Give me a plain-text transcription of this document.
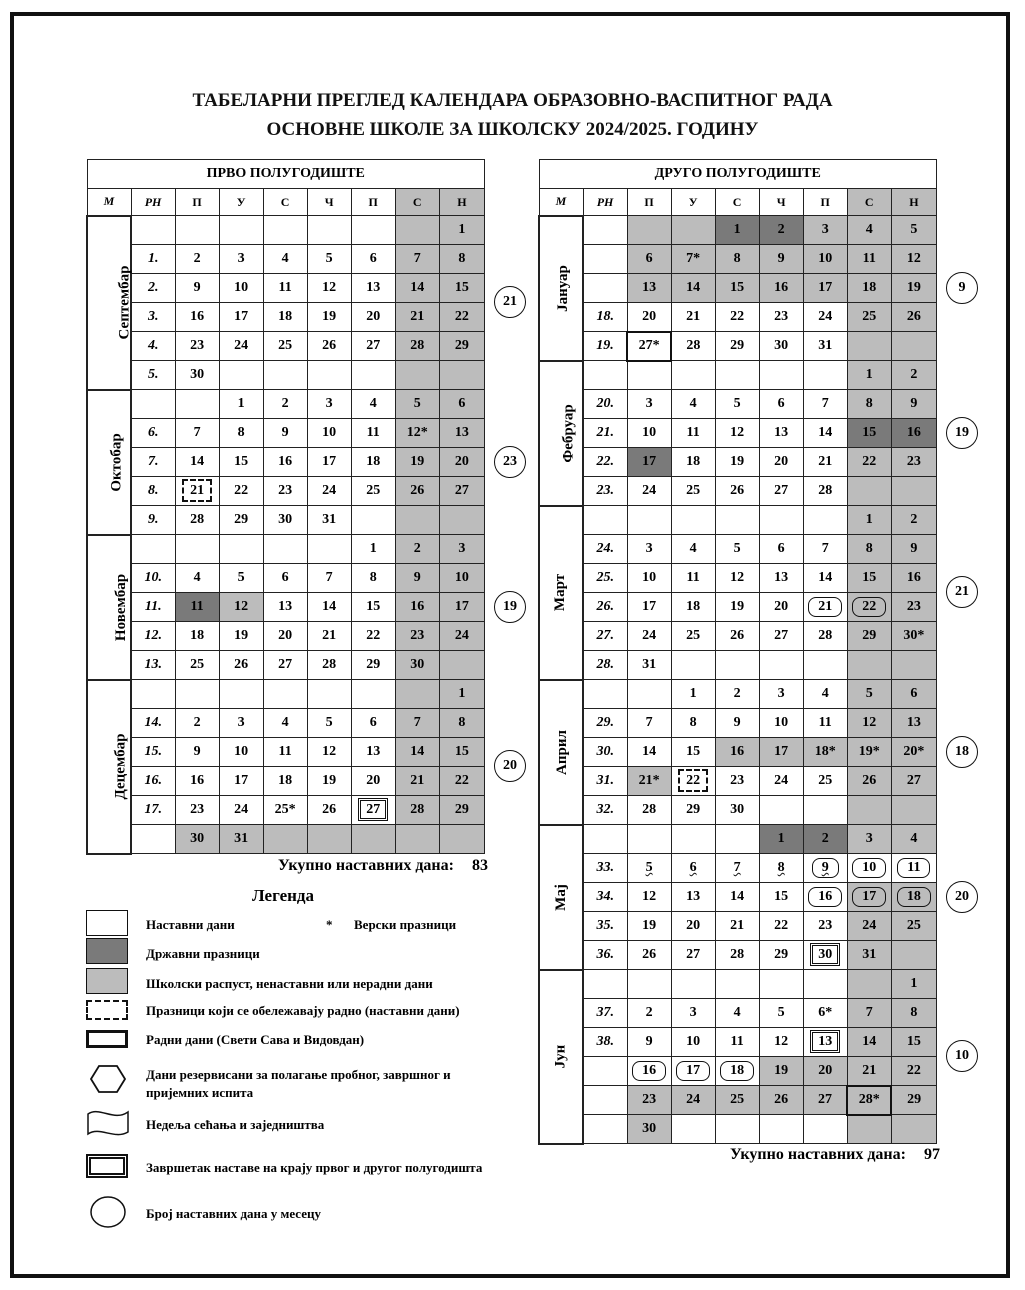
ТАБЕЛАРНИ ПРЕГЛЕД КАЛЕНДАРА ОБРАЗОВНО-ВАСПИТНОГ РАДА
ОСНОВНЕ ШКОЛЕ ЗА ШКОЛСКУ 2024/2025. ГОДИНУ
ПРВО ПОЛУГОДИШТЕ								
М	РН	П	У	С	Ч	П	С	Н
Септембар								1
	1.	2	3	4	5	6	7	8
	2.	9	10	11	12	13	14	15
	3.	16	17	18	19	20	21	22
	4.	23	24	25	26	27	28	29
	5.	30						
Октобар			1	2	3	4	5	6
	6.	7	8	9	10	11	12*	13
	7.	14	15	16	17	18	19	20
	8.	21	22	23	24	25	26	27
	9.	28	29	30	31			
Новембар						1	2	3
	10.	4	5	6	7	8	9	10
	11.	11	12	13	14	15	16	17
	12.	18	19	20	21	22	23	24
	13.	25	26	27	28	29	30	
Децембар								1
	14.	2	3	4	5	6	7	8
	15.	9	10	11	12	13	14	15
	16.	16	17	18	19	20	21	22
	17.	23	24	25*	26	27	28	29
		30	31					
ДРУГО ПОЛУГОДИШТЕ								
М	РН	П	У	С	Ч	П	С	Н
Јануар				1	2	3	4	5
		6	7*	8	9	10	11	12
		13	14	15	16	17	18	19
	18.	20	21	22	23	24	25	26
	19.	27*	28	29	30	31		
Фебруар							1	2
	20.	3	4	5	6	7	8	9
	21.	10	11	12	13	14	15	16
	22.	17	18	19	20	21	22	23
	23.	24	25	26	27	28		
Март							1	2
	24.	3	4	5	6	7	8	9
	25.	10	11	12	13	14	15	16
	26.	17	18	19	20	21	22	23
	27.	24	25	26	27	28	29	30*
	28.	31						
Април			1	2	3	4	5	6
	29.	7	8	9	10	11	12	13
	30.	14	15	16	17	18*	19*	20*
	31.	21*	22	23	24	25	26	27
	32.	28	29	30				
Мај					1	2	3	4
	33.	5	6	7	8	9	10	11
	34.	12	13	14	15	16	17	18
	35.	19	20	21	22	23	24	25
	36.	26	27	28	29	30	31	
Јун								1
	37.	2	3	4	5	6*	7	8
	38.	9	10	11	12	13	14	15
		16	17	18	19	20	21	22
		23	24	25	26	27	28*	29
		30						
Укупно наставних дана: 83
Укупно наставних дана: 97
Легенда
Наставни дани	* Верски празници
Државни празници
Школски распуст, ненаставни или нерадни дани
Празници који се обележавају радно (наставни дани)
Радни дани (Свети Сава и Видовдан)
Дани резервисани за полагање пробног, завршног и пријемних испита
Недеља сећања и заједништва
Завршетак наставе на крају првог и другог полугодишта
Број наставних дана у месецу
21
23
19
20
9
19
21
18
20
10
